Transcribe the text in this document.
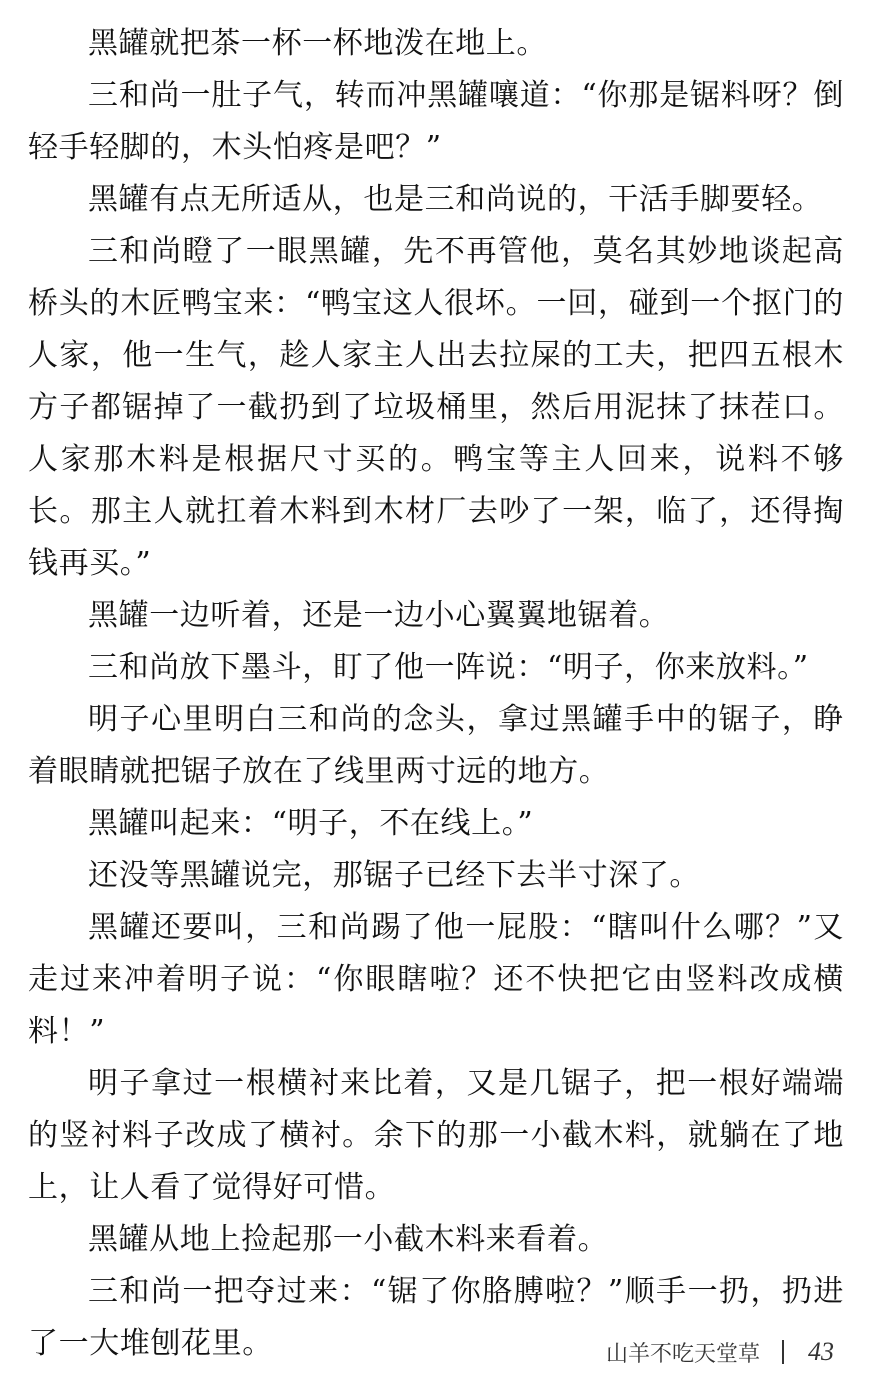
黑罐就把茶一杯一杯地泼在地上。

三和尚一肚子气，转而冲黑罐嚷道：“你那是锯料呀？倒轻手轻脚的，木头怕疼是吧？”

黑罐有点无所适从，也是三和尚说的，干活手脚要轻。

三和尚瞪了一眼黑罐，先不再管他，莫名其妙地谈起高桥头的木匠鸭宝来：“鸭宝这人很坏。一回，碰到一个抠门的人家，他一生气，趁人家主人出去拉屎的工夫，把四五根木方子都锯掉了一截扔到了垃圾桶里，然后用泥抹了抹茬口。人家那木料是根据尺寸买的。鸭宝等主人回来，说料不够长。那主人就扛着木料到木材厂去吵了一架，临了，还得掏钱再买。”

黑罐一边听着，还是一边小心翼翼地锯着。

三和尚放下墨斗，盯了他一阵说：“明子，你来放料。”

明子心里明白三和尚的念头，拿过黑罐手中的锯子，睁着眼睛就把锯子放在了线里两寸远的地方。

黑罐叫起来：“明子，不在线上。”

还没等黑罐说完，那锯子已经下去半寸深了。

黑罐还要叫，三和尚踢了他一屁股：“瞎叫什么哪？”又走过来冲着明子说：“你眼瞎啦？还不快把它由竖料改成横料！”

明子拿过一根横衬来比着，又是几锯子，把一根好端端的竖衬料子改成了横衬。余下的那一小截木料，就躺在了地上，让人看了觉得好可惜。

黑罐从地上捡起那一小截木料来看着。

三和尚一把夺过来：“锯了你胳膊啦？”顺手一扔，扔进了一大堆刨花里。	山羊不吃天堂草 43
